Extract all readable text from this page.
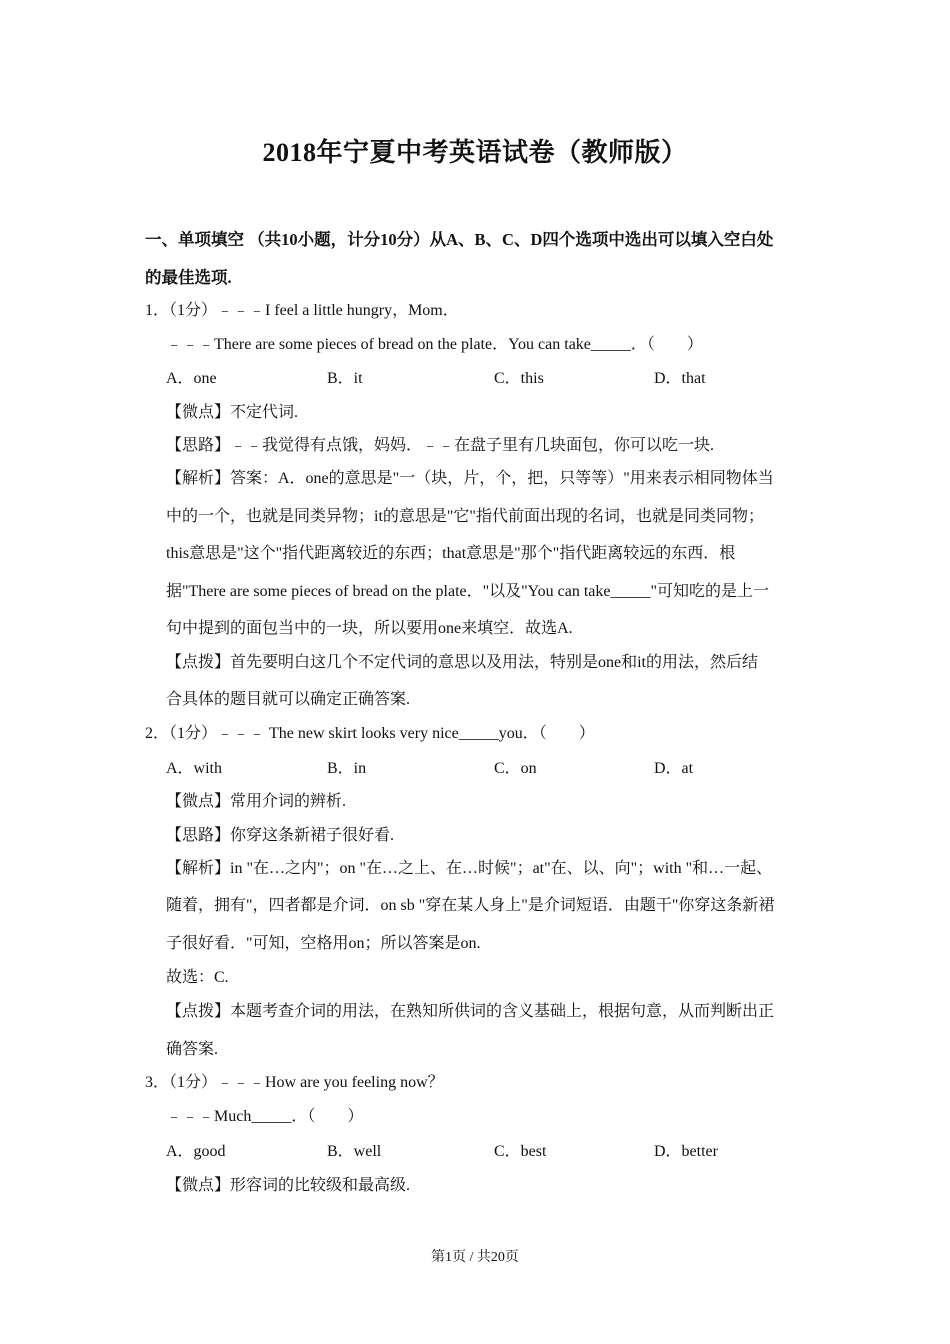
2018年宁夏中考英语试卷（教师版）
一、单项填空 （共10小题，计分10分）从A、B、C、D四个选项中选出可以填入空白处
的最佳选项.
1．（1分）﹣﹣﹣I feel a little hungry，Mom．
﹣﹣﹣There are some pieces of bread on the plate．You can take_____．（　　）
A．one	B．it	C．this	D．that
【微点】不定代词.
【思路】﹣﹣我觉得有点饿，妈妈．﹣﹣在盘子里有几块面包，你可以吃一块.
【解析】答案：A．one的意思是"一（块，片，个，把，只等等）"用来表示相同物体当
中的一个，也就是同类异物；it的意思是"它"指代前面出现的名词，也就是同类同物；
this意思是"这个"指代距离较近的东西；that意思是"那个"指代距离较远的东西．根
据"There are some pieces of bread on the plate．"以及"You can take_____"可知吃的是上一
句中提到的面包当中的一块，所以要用one来填空．故选A.
【点拨】首先要明白这几个不定代词的意思以及用法，特别是one和it的用法，然后结
合具体的题目就可以确定正确答案.
2．（1分）﹣﹣﹣ The new skirt looks very nice_____you．（　　）
A．with	B．in	C．on	D．at
【微点】常用介词的辨析.
【思路】你穿这条新裙子很好看.
【解析】in "在…之内"；on "在…之上、在…时候"；at"在、以、向"；with "和…一起、
随着，拥有"，四者都是介词．on sb "穿在某人身上"是介词短语．由题干"你穿这条新裙
子很好看．"可知，空格用on；所以答案是on.
故选：C.
【点拨】本题考查介词的用法，在熟知所供词的含义基础上，根据句意，从而判断出正
确答案.
3．（1分）﹣﹣﹣How are you feeling now？
﹣﹣﹣Much_____．（　　）
A．good	B．well	C．best	D．better
【微点】形容词的比较级和最高级.
第1页 / 共20页
